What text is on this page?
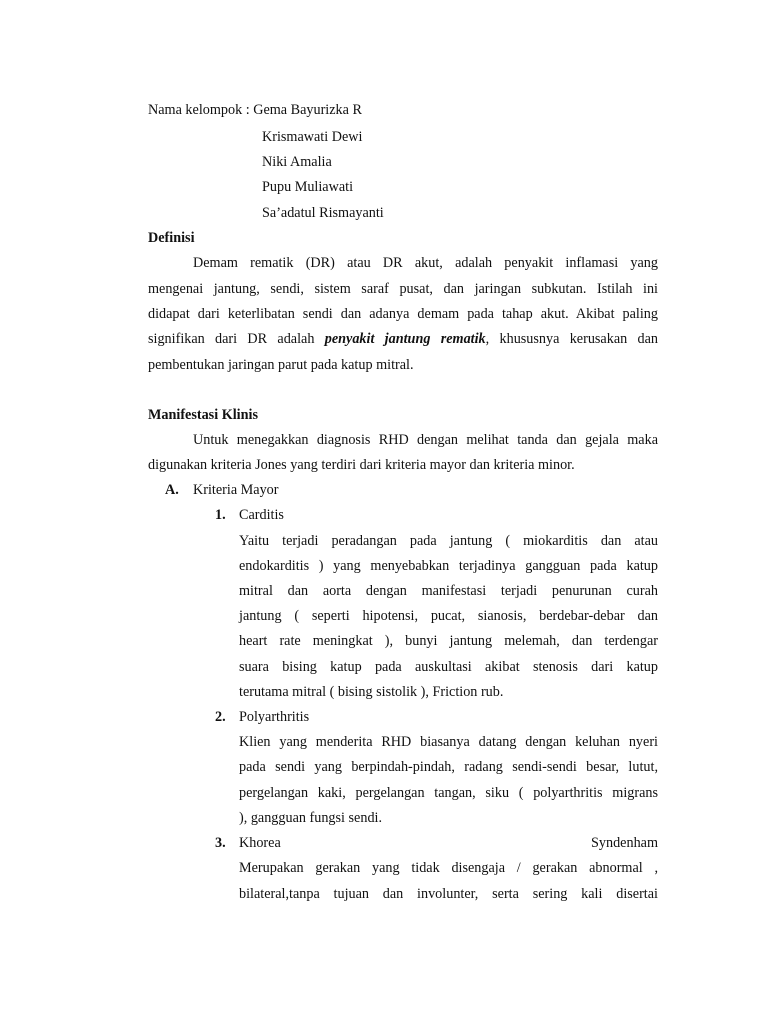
Nama kelompok : Gema Bayurizka R
Krismawati Dewi
Niki Amalia
Pupu Muliawati
Sa’adatul Rismayanti
Definisi
Demam rematik (DR) atau DR akut, adalah penyakit inflamasi yang
mengenai jantung, sendi, sistem saraf pusat, dan jaringan subkutan. Istilah ini
didapat dari keterlibatan sendi dan adanya demam pada tahap akut. Akibat paling
signifikan dari DR adalah penyakit jantung rematik, khususnya kerusakan dan
pembentukan jaringan parut pada katup mitral.
Manifestasi Klinis
Untuk menegakkan diagnosis RHD dengan melihat tanda dan gejala maka
digunakan kriteria Jones yang terdiri dari kriteria mayor dan kriteria minor.
A. Kriteria Mayor
1. Carditis
Yaitu terjadi peradangan pada jantung ( miokarditis dan atau
endokarditis ) yang menyebabkan terjadinya gangguan pada katup
mitral dan aorta dengan manifestasi terjadi penurunan curah
jantung ( seperti hipotensi, pucat, sianosis, berdebar-debar dan
heart rate meningkat ), bunyi jantung melemah, dan terdengar
suara bising katup pada auskultasi akibat stenosis dari katup
terutama mitral ( bising sistolik ), Friction rub.
2. Polyarthritis
Klien yang menderita RHD biasanya datang dengan keluhan nyeri
pada sendi yang berpindah-pindah, radang sendi-sendi besar, lutut,
pergelangan kaki, pergelangan tangan, siku ( polyarthritis migrans
), gangguan fungsi sendi.
3. Khorea	Syndenham
Merupakan gerakan yang tidak disengaja / gerakan abnormal ,
bilateral,tanpa tujuan dan involunter, serta sering kali disertai
